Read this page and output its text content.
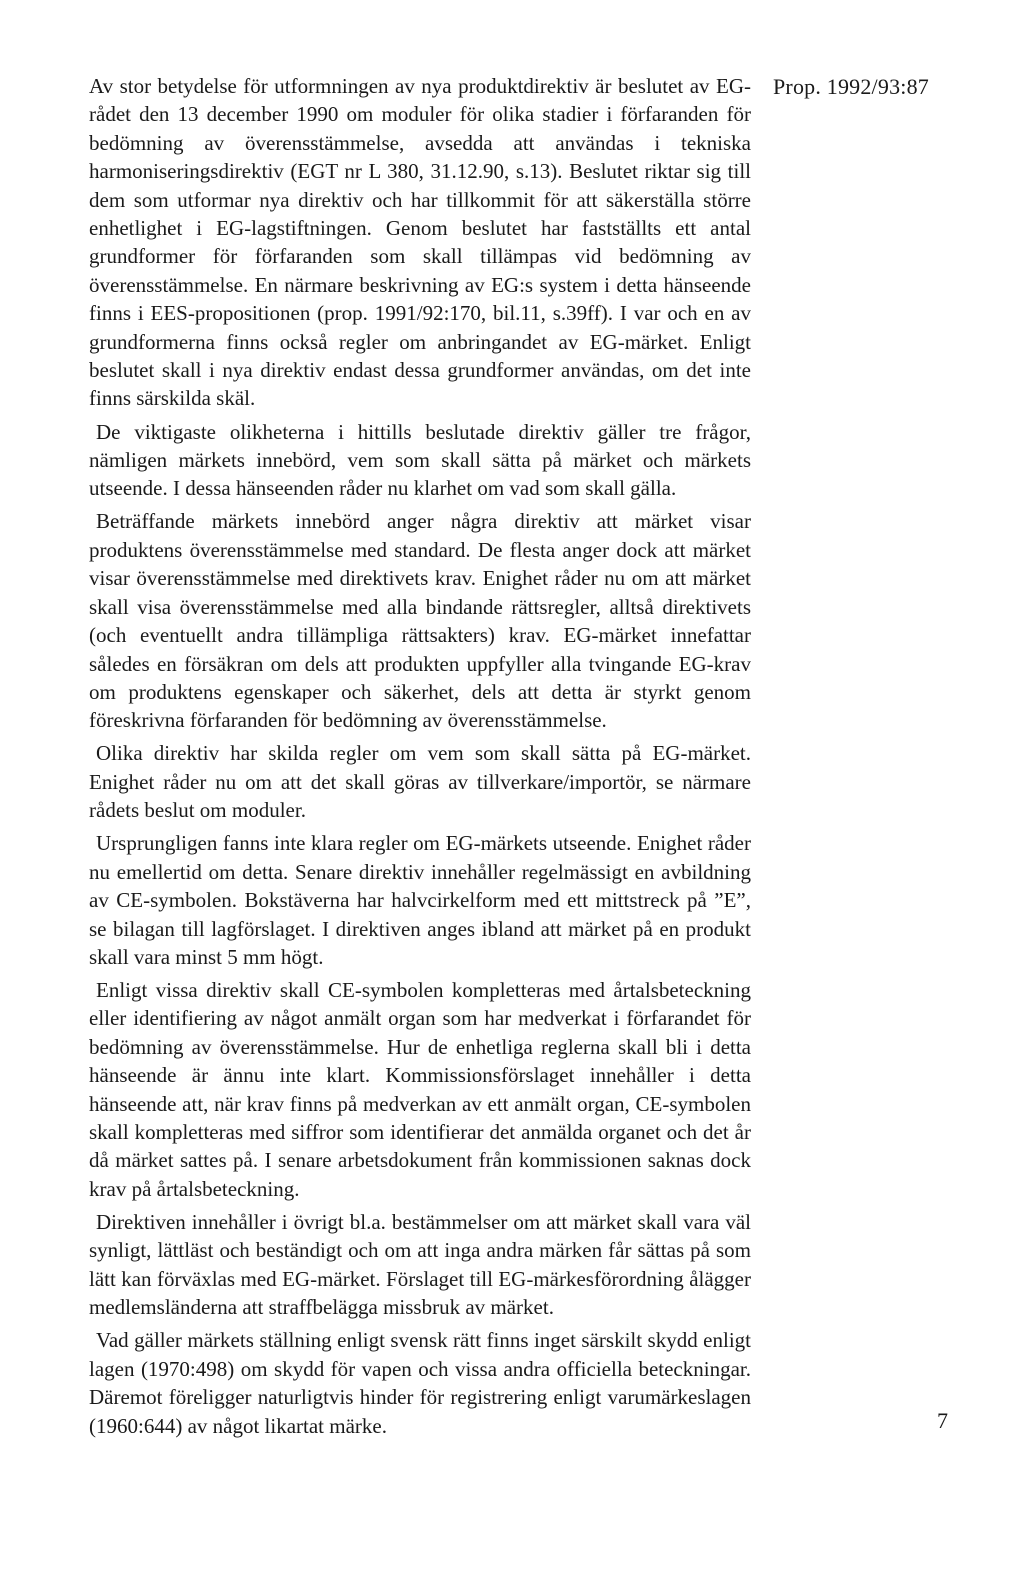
Prop. 1992/93:87

Av stor betydelse för utformningen av nya produktdirektiv är beslutet av EG-rådet den 13 december 1990 om moduler för olika stadier i förfaranden för bedömning av överensstämmelse, avsedda att användas i tekniska harmoniseringsdirektiv (EGT nr L 380, 31.12.90, s.13). Beslutet riktar sig till dem som utformar nya direktiv och har tillkommit för att säkerställa större enhetlighet i EG-lagstiftningen. Genom beslutet har fastställts ett antal grundformer för förfaranden som skall tillämpas vid bedömning av överensstämmelse. En närmare beskrivning av EG:s system i detta hänseende finns i EES-propositionen (prop. 1991/92:170, bil.11, s.39ff). I var och en av grundformerna finns också regler om anbringandet av EG-märket. Enligt beslutet skall i nya direktiv endast dessa grundformer användas, om det inte finns särskilda skäl.

De viktigaste olikheterna i hittills beslutade direktiv gäller tre frågor, nämligen märkets innebörd, vem som skall sätta på märket och märkets utseende. I dessa hänseenden råder nu klarhet om vad som skall gälla.

Beträffande märkets innebörd anger några direktiv att märket visar produktens överensstämmelse med standard. De flesta anger dock att märket visar överensstämmelse med direktivets krav. Enighet råder nu om att märket skall visa överensstämmelse med alla bindande rättsregler, alltså direktivets (och eventuellt andra tillämpliga rättsakters) krav. EG-märket innefattar således en försäkran om dels att produkten uppfyller alla tvingande EG-krav om produktens egenskaper och säkerhet, dels att detta är styrkt genom föreskrivna förfaranden för bedömning av överensstämmelse.

Olika direktiv har skilda regler om vem som skall sätta på EG-märket. Enighet råder nu om att det skall göras av tillverkare/importör, se närmare rådets beslut om moduler.

Ursprungligen fanns inte klara regler om EG-märkets utseende. Enighet råder nu emellertid om detta. Senare direktiv innehåller regelmässigt en avbildning av CE-symbolen. Bokstäverna har halvcirkelform med ett mittstreck på ”E”, se bilagan till lagförslaget. I direktiven anges ibland att märket på en produkt skall vara minst 5 mm högt.

Enligt vissa direktiv skall CE-symbolen kompletteras med årtalsbeteckning eller identifiering av något anmält organ som har medverkat i förfarandet för bedömning av överensstämmelse. Hur de enhetliga reglerna skall bli i detta hänseende är ännu inte klart. Kommissionsförslaget innehåller i detta hänseende att, när krav finns på medverkan av ett anmält organ, CE-symbolen skall kompletteras med siffror som identifierar det anmälda organet och det år då märket sattes på. I senare arbetsdokument från kommissionen saknas dock krav på årtalsbeteckning.

Direktiven innehåller i övrigt bl.a. bestämmelser om att märket skall vara väl synligt, lättläst och beständigt och om att inga andra märken får sättas på som lätt kan förväxlas med EG-märket. Förslaget till EG-märkesförordning ålägger medlemsländerna att straffbelägga missbruk av märket.

Vad gäller märkets ställning enligt svensk rätt finns inget särskilt skydd enligt lagen (1970:498) om skydd för vapen och vissa andra officiella beteckningar. Däremot föreligger naturligtvis hinder för registrering enligt varumärkeslagen (1960:644) av något likartat märke.	7
